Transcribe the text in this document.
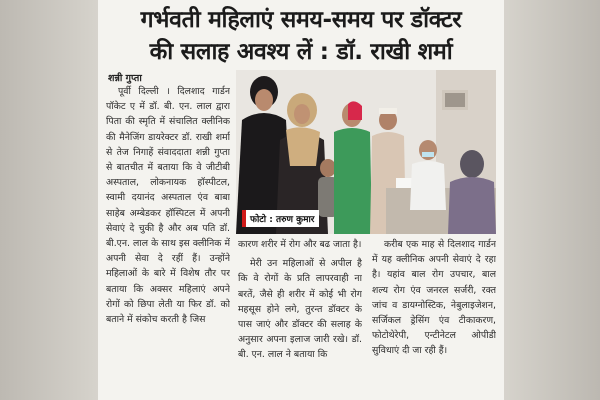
गर्भवती महिलाएं समय-समय पर डॉक्टर
की सलाह अवश्य लें : डॉ. राखी शर्मा
शन्नी गुप्ता

पूर्वी दिल्ली । दिलशाद गार्डन पॉकेट ए में डॉ. बी. एन. लाल द्वारा पिता की स्मृति में संचालित क्लीनिक की मैनेजिंग डायरेक्टर डॉ. राखी शर्मा से तेज निगाहें संवाददाता शन्नी गुप्ता से बातचीत में बताया कि वे जीटीबी अस्पताल, लोकनायक हॉस्पीटल, स्वामी दयानंद अस्पताल एंव बाबा साहेब अम्बेडकर हॉस्पिटल में अपनी सेवाएं दे चुकी है और अब पति डॉ. बी.एन. लाल के साथ इस क्लीनिक में अपनी सेवा दे रहीं हैं। उन्होंने महिलाओं के बारे में विशेष तौर पर बताया कि अक्सर महिलाएं अपने रोगों को छिपा लेती या फिर डॉ. को बताने में संकोच करती है जिस

फोटो : तरुण कुमार

कारण शरीर में रोग और बढ जाता है।

मेरी उन महिलाओं से अपील है कि वे रोगों के प्रति लापरवाही ना बरतें, जैसे ही शरीर में कोई भी रोग महसूस होने लगे, तुरन्त डॉक्टर के पास जाएं और डॉक्टर की सलाह के अनुसार अपना इलाज जारी रखे। डॉ. बी. एन. लाल ने बताया कि

करीब एक माह से दिलशाद गार्डन में यह क्लीनिक अपनी सेवाएं दे रहा है। यहांव बाल रोग उपचार, बाल शल्य रोग एंव जनरल सर्जरी, रक्त जांच व डायग्नोस्टिक, नेबुलाइजेशन, सर्जिकल ड्रेसिंग एंव टीकाकरण, फोटोथेरेपी, एन्टीनेटल ओपीडी सुविधाएं दी जा रही हैं।
